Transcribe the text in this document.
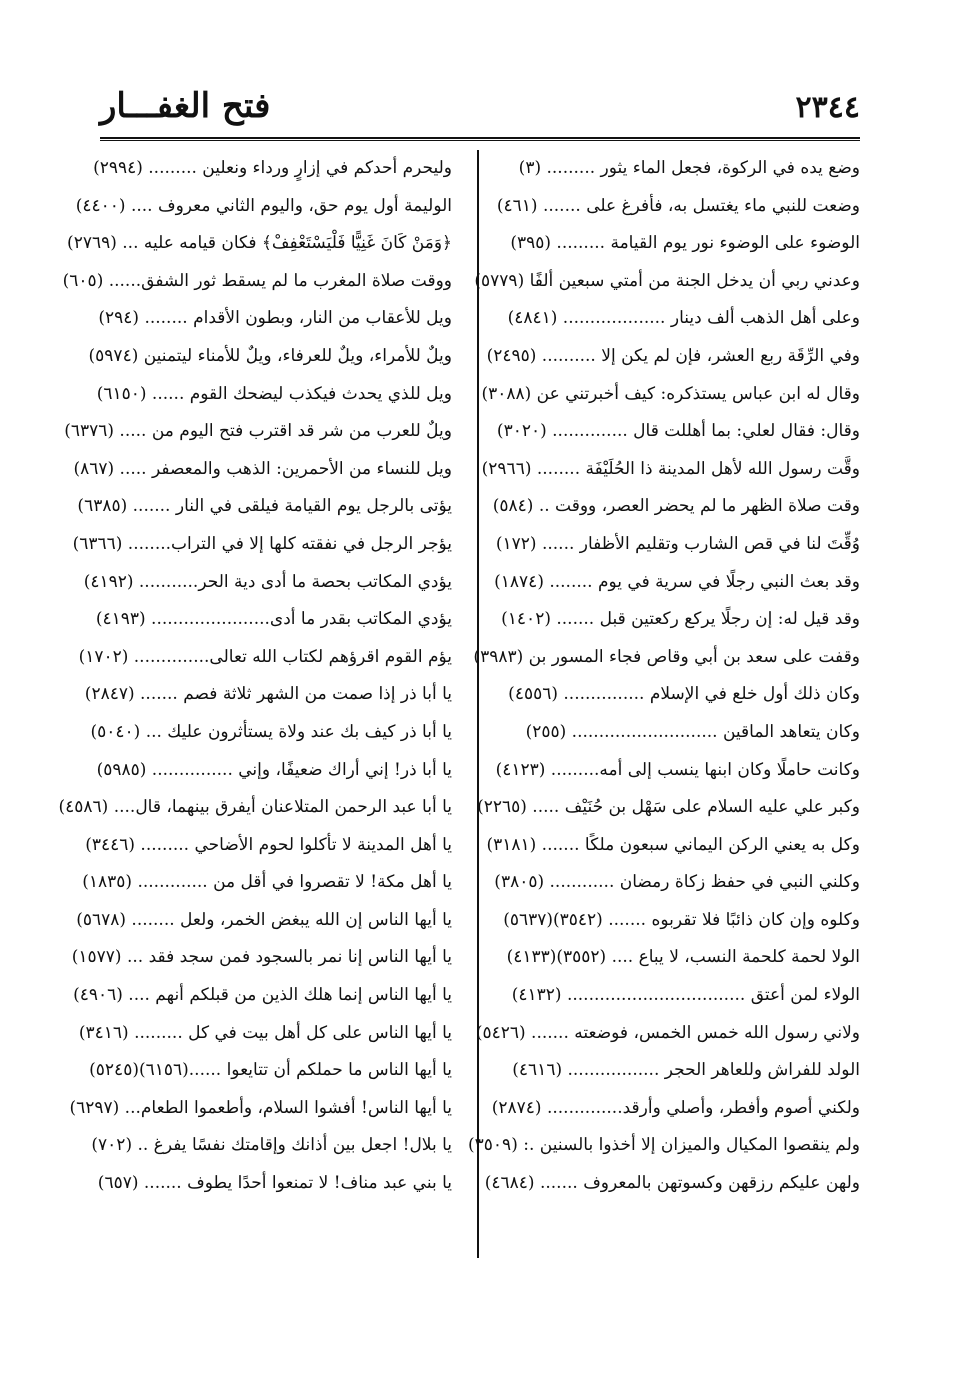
٢٣٤٤
فتح الغفـــار
وضع يده في الركوة، فجعل الماء يثور ......... (٣)
وضعت للنبي ماء يغتسل به، فأفرغ على ....... (٤٦١)
الوضوء على الوضوء نور يوم القيامة ......... (٣٩٥)
وعدني ربي أن يدخل الجنة من أمتي سبعين ألفًا (٥٧٧٩)
وعلى أهل الذهب ألف دينار ................... (٤٨٤١)
وفي الرِّقَة ربع العشر، فإن لم يكن إلا .......... (٢٤٩٥)
وقال له ابن عباس يستذكره: كيف أخبرتني عن (٣٠٨٨)
وقال: فقال لعلي: بما أهللت قال .............. (٣٠٢٠)
وقَّت رسول الله لأهل المدينة ذا الحُلَيْفَة ........ (٢٩٦٦)
وقت صلاة الظهر ما لم يحضر العصر، ووقت .. (٥٨٤)
وُقِّتَ لنا في قص الشارب وتقليم الأظفار ...... (١٧٢)
وقد بعث النبي رجلًا في سرية في يوم ........ (١٨٧٤)
وقد قيل له: إن رجلًا يركع ركعتين قبل ....... (١٤٠٢)
وقفت على سعد بن أبي وقاص فجاء المسور بن (٣٩٨٣)
وكان ذلك أول خلع في الإسلام ............... (٤٥٥٦)
وكان يتعاهد الماقين ........................... (٢٥٥)
وكانت حاملًا وكان ابنها ينسب إلى أمه......... (٤١٢٣)
وكبر علي عليه السلام على سَهْل بن حُنَيْف ..... (٢٢٦٥)
وكل به يعني الركن اليماني سبعون ملكًا ....... (٣١٨١)
وكلني النبي في حفظ زكاة رمضان ............ (٣٨٠٥)
وكلوه وإن كان ذائبًا فلا تقربوه ....... (٣٥٤٢)(٥٦٣٧)
الولا لحمة كلحمة النسب، لا يباع .... (٣٥٥٢)(٤١٣٣)
الولاء لمن أعتق ................................. (٤١٣٢)
ولاني رسول الله خمس الخمس، فوضعته ....... (٥٤٢٦)
الولد للفراش وللعاهر الحجر ................. (٤٦١٦)
ولكني أصوم وأفطر، وأصلي وأرقد.............. (٢٨٧٤)
ولم ينقصوا المكيال والميزان إلا أخذوا بالسنين .: (٣٥٠٩)
ولهن عليكم رزقهن وكسوتهن بالمعروف ....... (٤٦٨٤)
وليحرم أحدكم في إزارٍ ورداء ونعلين ......... (٢٩٩٤)
الوليمة أول يوم حق، واليوم الثاني معروف .... (٤٤٠٠)
﴿وَمَنْ كَانَ غَنِيًّا فَلْيَسْتَعْفِفْ﴾ فكان قيامه عليه ... (٢٧٦٩)
ووقت صلاة المغرب ما لم يسقط ثور الشفق...... (٦٠٥)
ويل للأعقاب من النار، وبطون الأقدام ........ (٢٩٤)
ويلٌ للأمراء، ويلٌ للعرفاء، ويلٌ للأمناء ليتمنين (٥٩٧٤)
ويل للذي يحدث فيكذب ليضحك القوم ...... (٦١٥٠)
ويلٌ للعرب من شر قد اقترب فتح اليوم من ..... (٦٣٧٦)
ويل للنساء من الأحمرين: الذهب والمعصفر ..... (٨٦٧)
يؤتى بالرجل يوم القيامة فيلقى في النار ....... (٦٣٨٥)
يؤجر الرجل في نفقته كلها إلا في التراب........ (٦٣٦٦)
يؤدي المكاتب بحصة ما أدى دية الحر........... (٤١٩٢)
يؤدي المكاتب بقدر ما أدى...................... (٤١٩٣)
يؤم القوم اقرؤهم لكتاب الله تعالى.............. (١٧٠٢)
يا أبا ذر إذا صمت من الشهر ثلاثة فصم ....... (٢٨٤٧)
يا أبا ذر كيف بك عند ولاة يستأثرون عليك ... (٥٠٤٠)
يا أبا ذر! إني أراك ضعيفًا، وإني ............... (٥٩٨٥)
يا أبا عبد الرحمن المتلاعنان أيفرق بينهما، قال.... (٤٥٨٦)
يا أهل المدينة لا تأكلوا لحوم الأضاحي ......... (٣٤٤٦)
يا أهل مكة! لا تقصروا في أقل من ............. (١٨٣٥)
يا أيها الناس إن الله يبغض الخمر، ولعل ........ (٥٦٧٨)
يا أيها الناس إنا نمر بالسجود فمن سجد فقد ... (١٥٧٧)
يا أيها الناس إنما هلك الذين من قبلكم أنهم .... (٤٩٠٦)
يا أيها الناس على كل أهل بيت في كل ......... (٣٤١٦)
يا أيها الناس ما حملكم أن تتايعوا ......(٦١٥٦)(٥٢٤٥)
يا أيها الناس! أفشوا السلام، وأطعموا الطعام... (٦٢٩٧)
يا بلال! اجعل بين أذانك وإقامتك نفسًا يفرغ .. (٧٠٢)
يا بني عبد مناف! لا تمنعوا أحدًا يطوف ....... (٦٥٧)
